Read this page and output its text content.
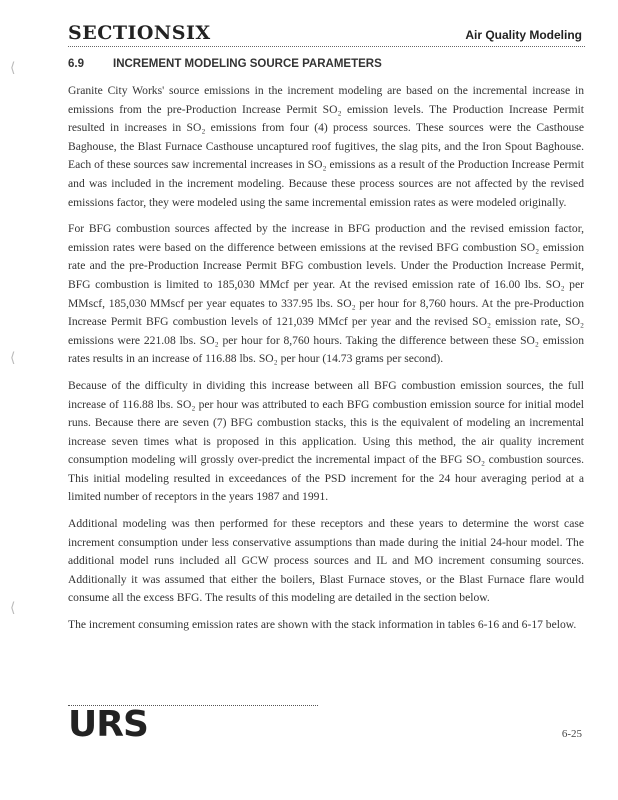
⟨
⟨
⟨
SECTIONSIX	Air Quality Modeling
6.9	INCREMENT MODELING SOURCE PARAMETERS

Granite City Works' source emissions in the increment modeling are based on the incremental increase in emissions from the pre-Production Increase Permit SO₂ emission levels. The Production Increase Permit resulted in increases in SO₂ emissions from four (4) process sources. These sources were the Casthouse Baghouse, the Blast Furnace Casthouse uncaptured roof fugitives, the slag pits, and the Iron Spout Baghouse. Each of these sources saw incremental increases in SO₂ emissions as a result of the Production Increase Permit and was included in the increment modeling. Because these process sources are not affected by the revised emissions factor, they were modeled using the same incremental emission rates as were modeled originally.

For BFG combustion sources affected by the increase in BFG production and the revised emission factor, emission rates were based on the difference between emissions at the revised BFG combustion SO₂ emission rate and the pre-Production Increase Permit BFG combustion levels. Under the Production Increase Permit, BFG combustion is limited to 185,030 MMcf per year. At the revised emission rate of 16.00 lbs. SO₂ per MMscf, 185,030 MMscf per year equates to 337.95 lbs. SO₂ per hour for 8,760 hours. At the pre-Production Increase Permit BFG combustion levels of 121,039 MMcf per year and the revised SO₂ emission rate, SO₂ emissions were 221.08 lbs. SO₂ per hour for 8,760 hours. Taking the difference between these SO₂ emission rates results in an increase of 116.88 lbs. SO₂ per hour (14.73 grams per second).

Because of the difficulty in dividing this increase between all BFG combustion emission sources, the full increase of 116.88 lbs. SO₂ per hour was attributed to each BFG combustion emission source for initial model runs. Because there are seven (7) BFG combustion stacks, this is the equivalent of modeling an incremental increase seven times what is proposed in this application. Using this method, the air quality increment consumption modeling will grossly over-predict the incremental impact of the BFG SO₂ combustion sources. This initial modeling resulted in exceedances of the PSD increment for the 24 hour averaging period at a limited number of receptors in the years 1987 and 1991.

Additional modeling was then performed for these receptors and these years to determine the worst case increment consumption under less conservative assumptions than made during the initial 24-hour model. The additional model runs included all GCW process sources and IL and MO increment consuming sources. Additionally it was assumed that either the boilers, Blast Furnace stoves, or the Blast Furnace flare would consume all the excess BFG. The results of this modeling are detailed in the section below.

The increment consuming emission rates are shown with the stack information in tables 6-16 and 6-17 below.

URS	6-25
